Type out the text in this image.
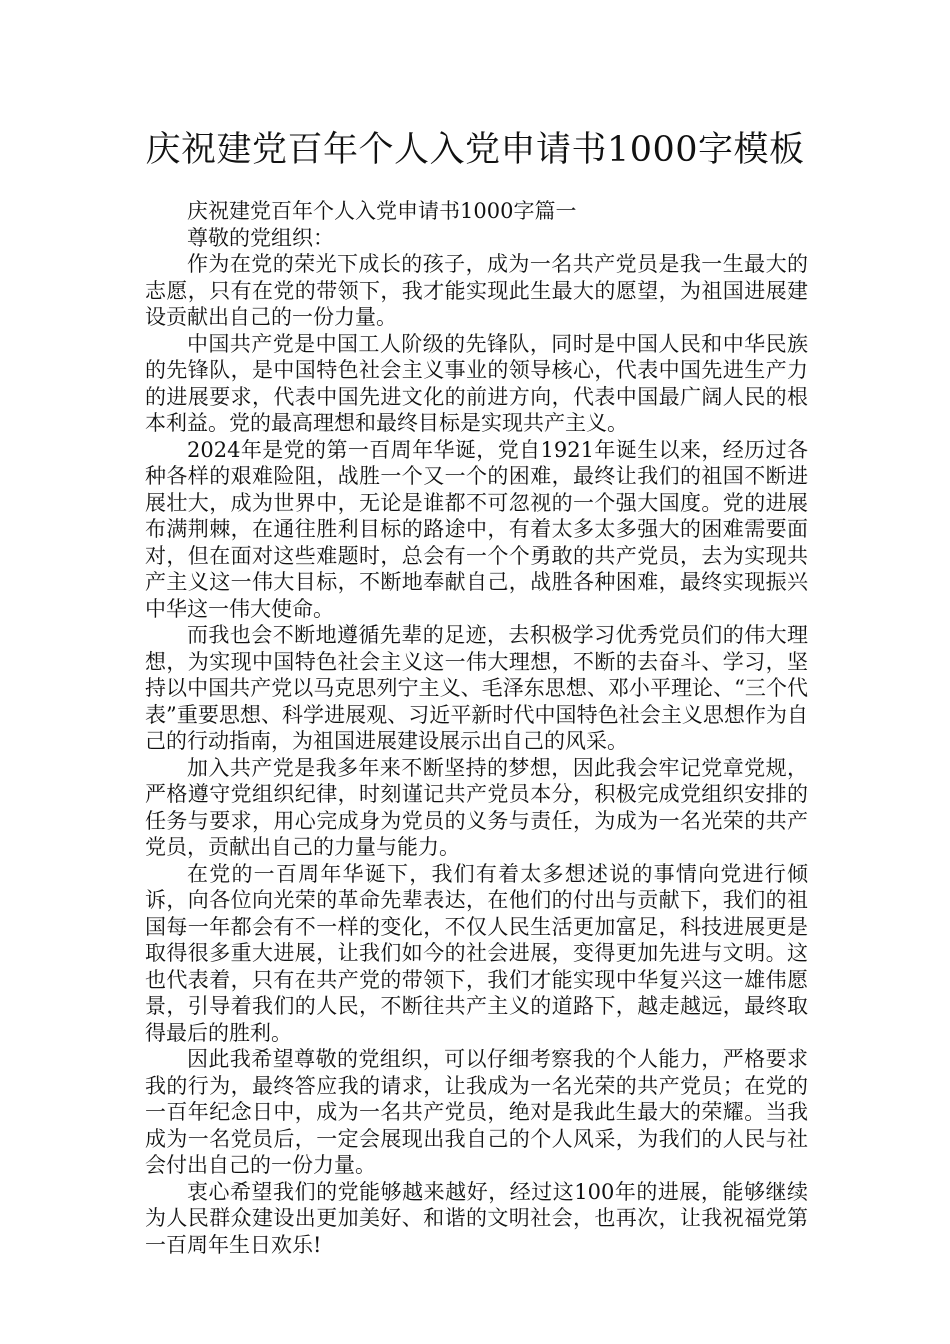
庆祝建党百年个人入党申请书1000字模板

庆祝建党百年个人入党申请书1000字篇一

尊敬的党组织：

作为在党的荣光下成长的孩子，成为一名共产党员是我一生最大的志愿，只有在党的带领下，我才能实现此生最大的愿望，为祖国进展建设贡献出自己的一份力量。

中国共产党是中国工人阶级的先锋队，同时是中国人民和中华民族的先锋队，是中国特色社会主义事业的领导核心，代表中国先进生产力的进展要求，代表中国先进文化的前进方向，代表中国最广阔人民的根本利益。党的最高理想和最终目标是实现共产主义。

2024年是党的第一百周年华诞，党自1921年诞生以来，经历过各种各样的艰难险阻，战胜一个又一个的困难，最终让我们的祖国不断进展壮大，成为世界中，无论是谁都不可忽视的一个强大国度。党的进展布满荆棘，在通往胜利目标的路途中，有着太多太多强大的困难需要面对，但在面对这些难题时，总会有一个个勇敢的共产党员，去为实现共产主义这一伟大目标，不断地奉献自己，战胜各种困难，最终实现振兴中华这一伟大使命。

而我也会不断地遵循先辈的足迹，去积极学习优秀党员们的伟大理想，为实现中国特色社会主义这一伟大理想，不断的去奋斗、学习，坚持以中国共产党以马克思列宁主义、毛泽东思想、邓小平理论、“三个代表”重要思想、科学进展观、习近平新时代中国特色社会主义思想作为自己的行动指南，为祖国进展建设展示出自己的风采。

加入共产党是我多年来不断坚持的梦想，因此我会牢记党章党规，严格遵守党组织纪律，时刻谨记共产党员本分，积极完成党组织安排的任务与要求，用心完成身为党员的义务与责任，为成为一名光荣的共产党员，贡献出自己的力量与能力。

在党的一百周年华诞下，我们有着太多想述说的事情向党进行倾诉，向各位向光荣的革命先辈表达，在他们的付出与贡献下，我们的祖国每一年都会有不一样的变化，不仅人民生活更加富足，科技进展更是取得很多重大进展，让我们如今的社会进展，变得更加先进与文明。这也代表着，只有在共产党的带领下，我们才能实现中华复兴这一雄伟愿景，引导着我们的人民，不断往共产主义的道路下，越走越远，最终取得最后的胜利。

因此我希望尊敬的党组织，可以仔细考察我的个人能力，严格要求我的行为，最终答应我的请求，让我成为一名光荣的共产党员；在党的一百年纪念日中，成为一名共产党员，绝对是我此生最大的荣耀。当我成为一名党员后，一定会展现出我自己的个人风采，为我们的人民与社会付出自己的一份力量。

衷心希望我们的党能够越来越好，经过这100年的进展，能够继续为人民群众建设出更加美好、和谐的文明社会，也再次，让我祝福党第一百周年生日欢乐!
